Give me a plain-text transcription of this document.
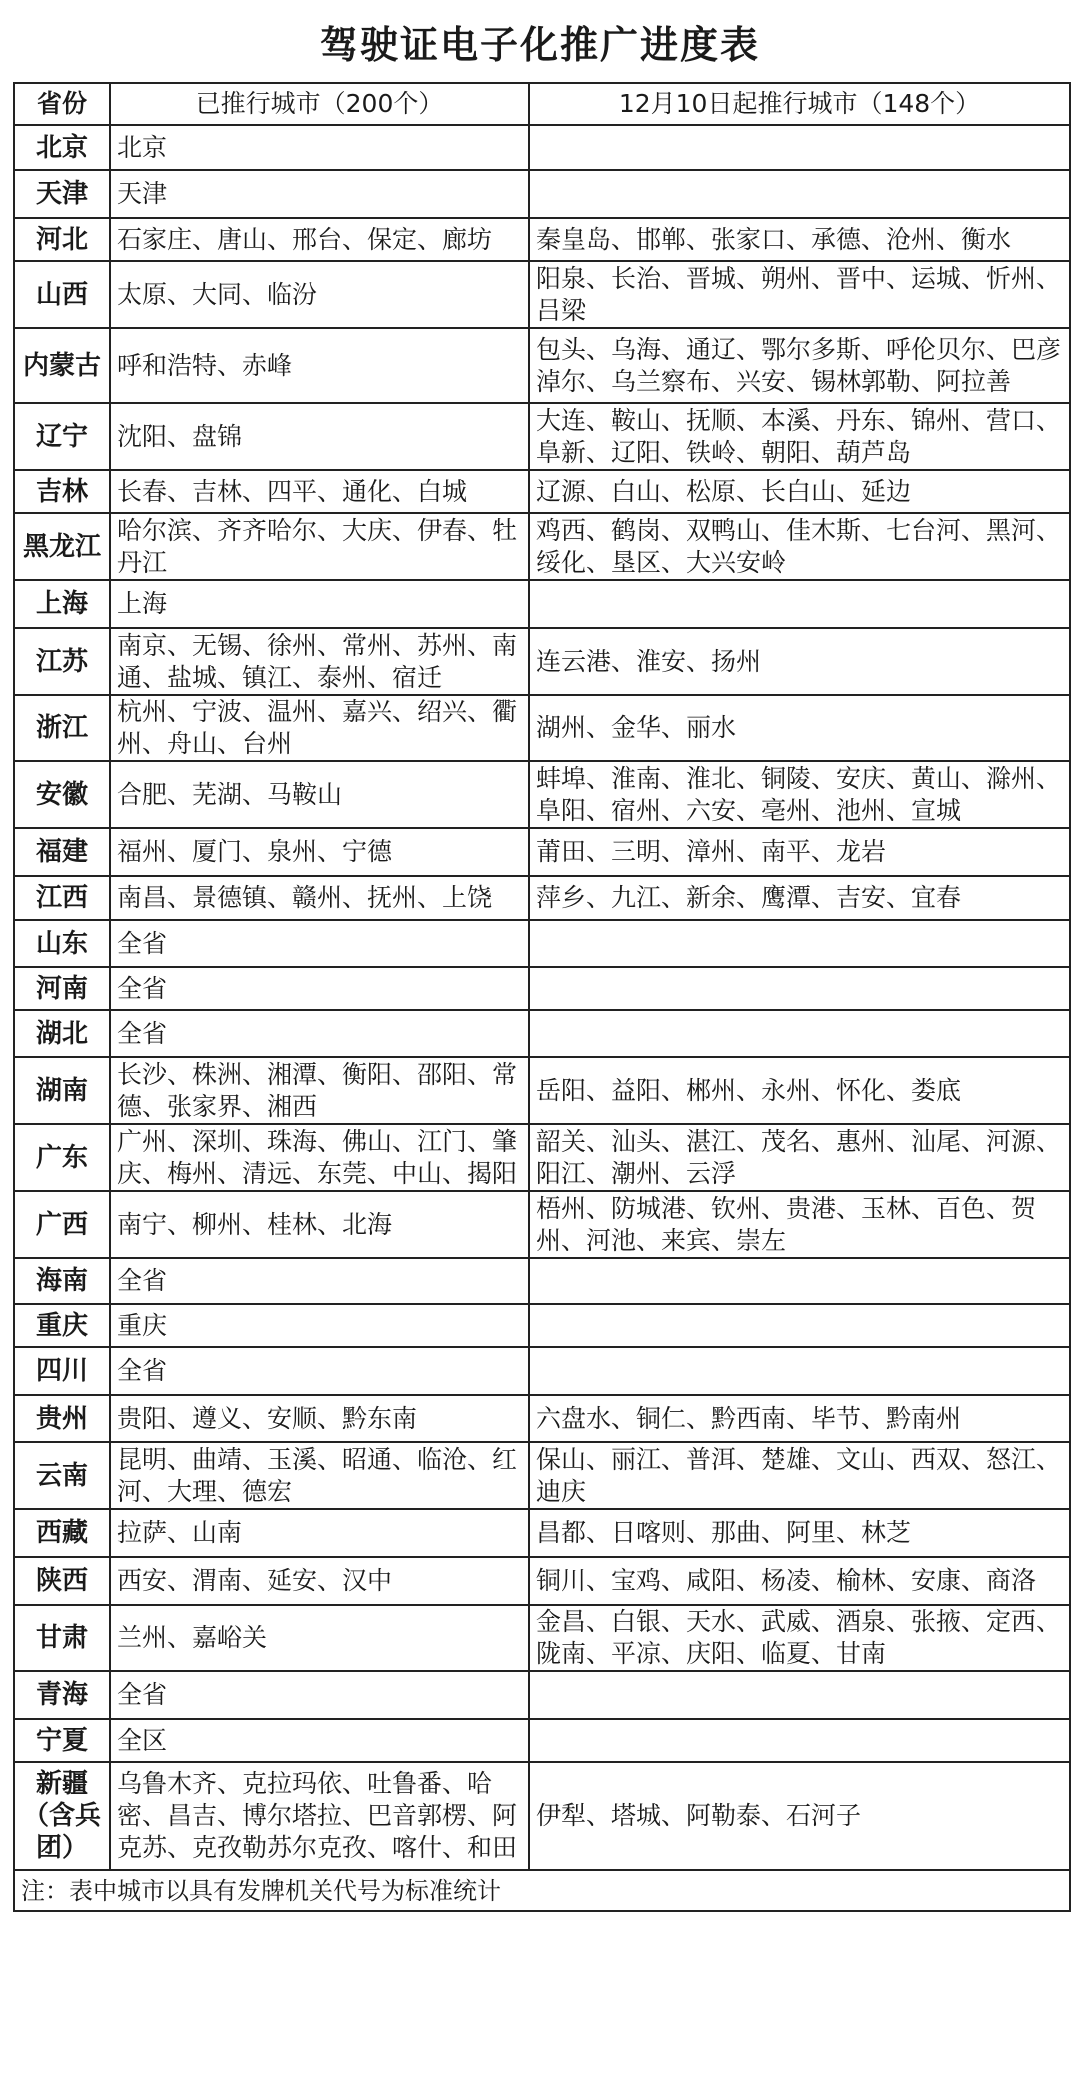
驾驶证电子化推广进度表
省份	已推行城市（200个）	12月10日起推行城市（148个）
北京	北京	
天津	天津	
河北	石家庄、唐山、邢台、保定、廊坊	秦皇岛、邯郸、张家口、承德、沧州、衡水
山西	太原、大同、临汾	阳泉、长治、晋城、朔州、晋中、运城、忻州、吕梁
内蒙古	呼和浩特、赤峰	包头、乌海、通辽、鄂尔多斯、呼伦贝尔、巴彦淖尔、乌兰察布、兴安、锡林郭勒、阿拉善
辽宁	沈阳、盘锦	大连、鞍山、抚顺、本溪、丹东、锦州、营口、阜新、辽阳、铁岭、朝阳、葫芦岛
吉林	长春、吉林、四平、通化、白城	辽源、白山、松原、长白山、延边
黑龙江	哈尔滨、齐齐哈尔、大庆、伊春、牡丹江	鸡西、鹤岗、双鸭山、佳木斯、七台河、黑河、绥化、垦区、大兴安岭
上海	上海	
江苏	南京、无锡、徐州、常州、苏州、南通、盐城、镇江、泰州、宿迁	连云港、淮安、扬州
浙江	杭州、宁波、温州、嘉兴、绍兴、衢州、舟山、台州	湖州、金华、丽水
安徽	合肥、芜湖、马鞍山	蚌埠、淮南、淮北、铜陵、安庆、黄山、滁州、阜阳、宿州、六安、亳州、池州、宣城
福建	福州、厦门、泉州、宁德	莆田、三明、漳州、南平、龙岩
江西	南昌、景德镇、赣州、抚州、上饶	萍乡、九江、新余、鹰潭、吉安、宜春
山东	全省	
河南	全省	
湖北	全省	
湖南	长沙、株洲、湘潭、衡阳、邵阳、常德、张家界、湘西	岳阳、益阳、郴州、永州、怀化、娄底
广东	广州、深圳、珠海、佛山、江门、肇庆、梅州、清远、东莞、中山、揭阳	韶关、汕头、湛江、茂名、惠州、汕尾、河源、阳江、潮州、云浮
广西	南宁、柳州、桂林、北海	梧州、防城港、钦州、贵港、玉林、百色、贺州、河池、来宾、崇左
海南	全省	
重庆	重庆	
四川	全省	
贵州	贵阳、遵义、安顺、黔东南	六盘水、铜仁、黔西南、毕节、黔南州
云南	昆明、曲靖、玉溪、昭通、临沧、红河、大理、德宏	保山、丽江、普洱、楚雄、文山、西双、怒江、迪庆
西藏	拉萨、山南	昌都、日喀则、那曲、阿里、林芝
陕西	西安、渭南、延安、汉中	铜川、宝鸡、咸阳、杨凌、榆林、安康、商洛
甘肃	兰州、嘉峪关	金昌、白银、天水、武威、酒泉、张掖、定西、陇南、平凉、庆阳、临夏、甘南
青海	全省	
宁夏	全区	
新疆（含兵团）	乌鲁木齐、克拉玛依、吐鲁番、哈密、昌吉、博尔塔拉、巴音郭楞、阿克苏、克孜勒苏尔克孜、喀什、和田	伊犁、塔城、阿勒泰、石河子
注：表中城市以具有发牌机关代号为标准统计		
